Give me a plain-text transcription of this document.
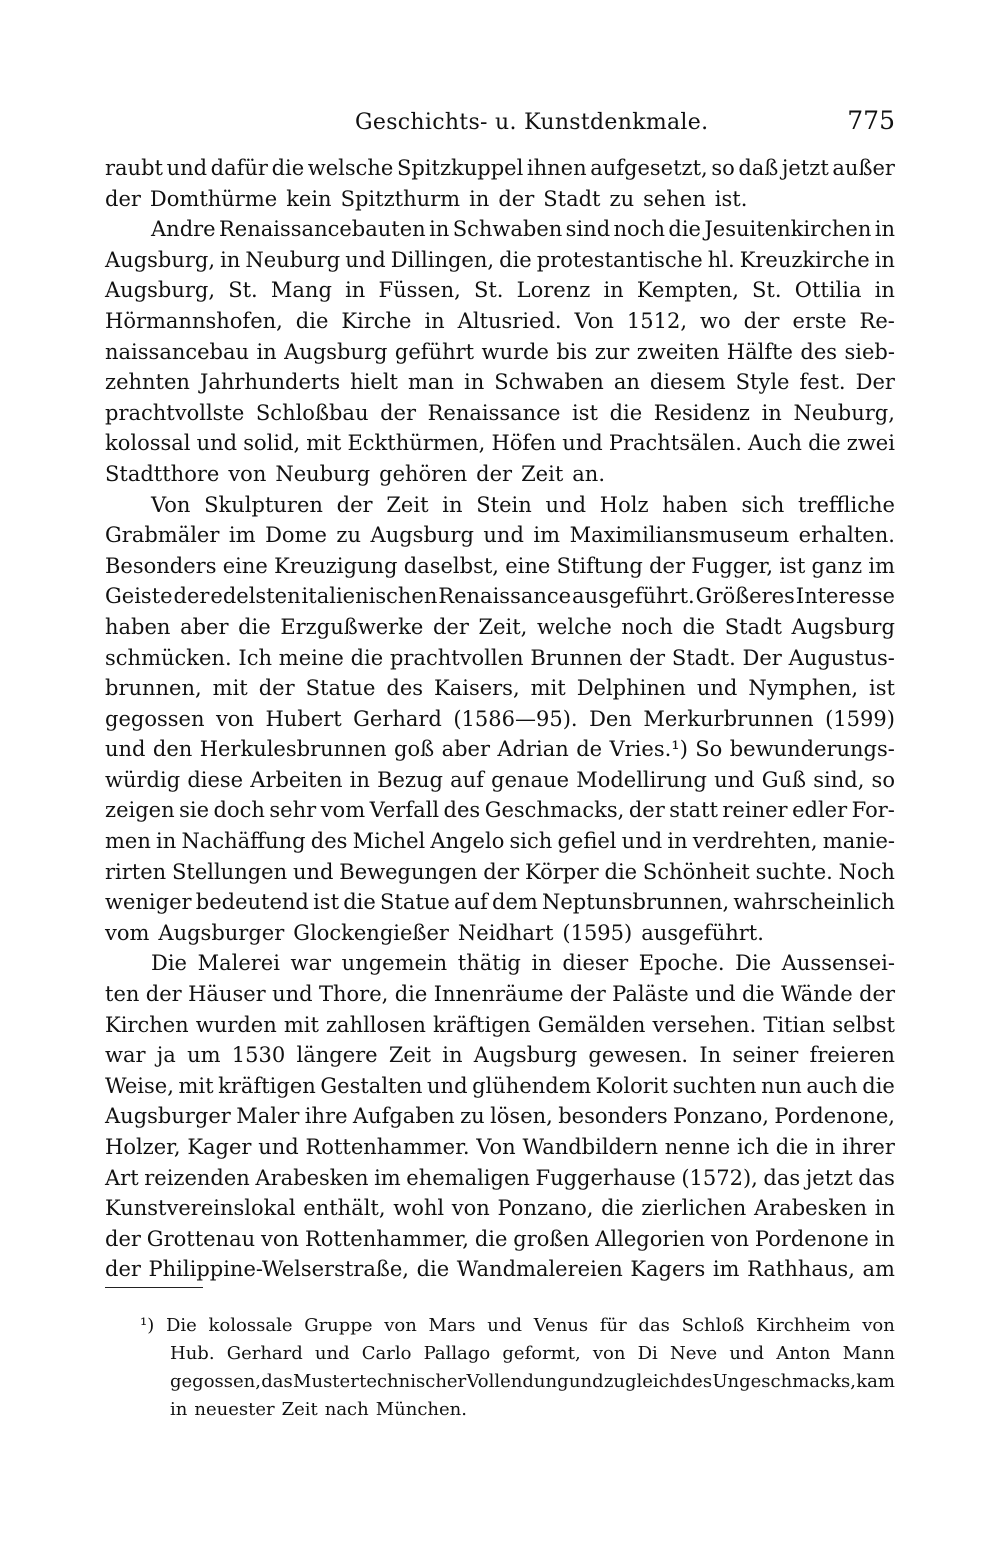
Geschichts- u. Kunstdenkmale.	775
raubt und dafür die welsche Spitzkuppel ihnen aufgesetzt, so daß jetzt außer
der Domthürme kein Spitzthurm in der Stadt zu sehen ist.
Andre Renaissancebauten in Schwaben sind noch die Jesuitenkirchen in
Augsburg, in Neuburg und Dillingen, die protestantische hl. Kreuzkirche in
Augsburg, St. Mang in Füssen, St. Lorenz in Kempten, St. Ottilia in
Hörmannshofen, die Kirche in Altusried. Von 1512, wo der erste Re-
naissancebau in Augsburg geführt wurde bis zur zweiten Hälfte des sieb-
zehnten Jahrhunderts hielt man in Schwaben an diesem Style fest. Der
prachtvollste Schloßbau der Renaissance ist die Residenz in Neuburg,
kolossal und solid, mit Eckthürmen, Höfen und Prachtsälen. Auch die zwei
Stadtthore von Neuburg gehören der Zeit an.
Von Skulpturen der Zeit in Stein und Holz haben sich treffliche
Grabmäler im Dome zu Augsburg und im Maximiliansmuseum erhalten.
Besonders eine Kreuzigung daselbst, eine Stiftung der Fugger, ist ganz im
Geiste der edelsten italienischen Renaissance ausgeführt. Größeres Interesse
haben aber die Erzgußwerke der Zeit, welche noch die Stadt Augsburg
schmücken. Ich meine die prachtvollen Brunnen der Stadt. Der Augustus-
brunnen, mit der Statue des Kaisers, mit Delphinen und Nymphen, ist
gegossen von Hubert Gerhard (1586—95). Den Merkurbrunnen (1599)
und den Herkulesbrunnen goß aber Adrian de Vries.¹) So bewunderungs-
würdig diese Arbeiten in Bezug auf genaue Modellirung und Guß sind, so
zeigen sie doch sehr vom Verfall des Geschmacks, der statt reiner edler For-
men in Nachäffung des Michel Angelo sich gefiel und in verdrehten, manie-
rirten Stellungen und Bewegungen der Körper die Schönheit suchte. Noch
weniger bedeutend ist die Statue auf dem Neptunsbrunnen, wahrscheinlich
vom Augsburger Glockengießer Neidhart (1595) ausgeführt.
Die Malerei war ungemein thätig in dieser Epoche. Die Aussensei-
ten der Häuser und Thore, die Innenräume der Paläste und die Wände der
Kirchen wurden mit zahllosen kräftigen Gemälden versehen. Titian selbst
war ja um 1530 längere Zeit in Augsburg gewesen. In seiner freieren
Weise, mit kräftigen Gestalten und glühendem Kolorit suchten nun auch die
Augsburger Maler ihre Aufgaben zu lösen, besonders Ponzano, Pordenone,
Holzer, Kager und Rottenhammer. Von Wandbildern nenne ich die in ihrer
Art reizenden Arabesken im ehemaligen Fuggerhause (1572), das jetzt das
Kunstvereinslokal enthält, wohl von Ponzano, die zierlichen Arabesken in
der Grottenau von Rottenhammer, die großen Allegorien von Pordenone in
der Philippine-Welserstraße, die Wandmalereien Kagers im Rathhaus, am
¹) Die kolossale Gruppe von Mars und Venus für das Schloß Kirchheim von
Hub. Gerhard und Carlo Pallago geformt, von Di Neve und Anton Mann
gegossen, das Muster technischer Vollendung und zugleich des Ungeschmacks, kam
in neuester Zeit nach München.
